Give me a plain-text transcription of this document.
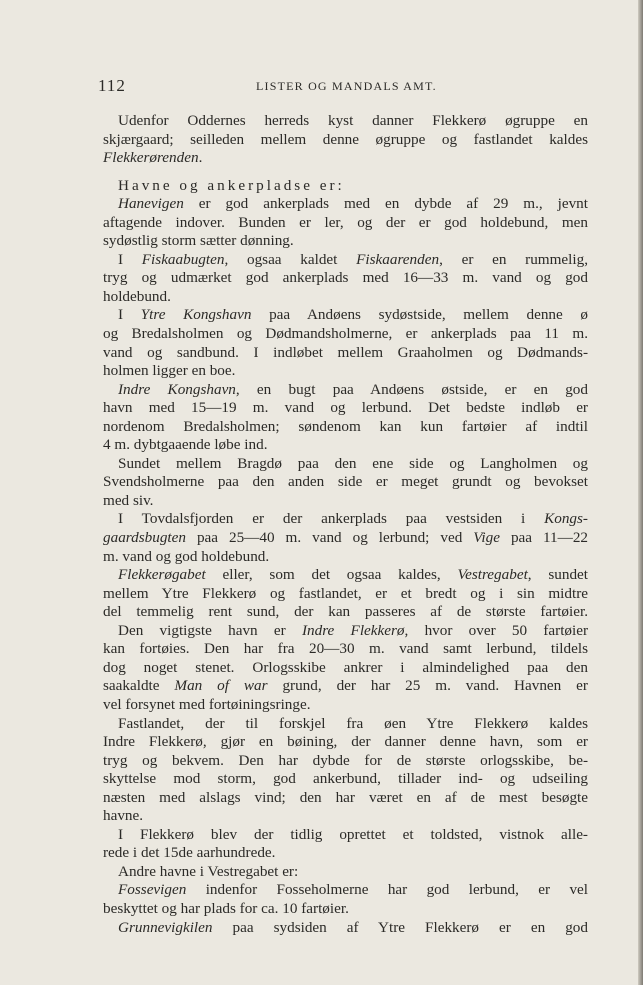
112	LISTER OG MANDALS AMT.
Udenfor Oddernes herreds kyst danner Flekkerø øgruppe en
skjærgaard; seilleden mellem denne øgruppe og fastlandet kaldes
Flekkerørenden.
Havne og ankerpladse er:
Hanevigen er god ankerplads med en dybde af 29 m., jevnt
aftagende indover. Bunden er ler, og der er god holdebund, men
sydøstlig storm sætter dønning.
I Fiskaabugten, ogsaa kaldet Fiskaarenden, er en rummelig,
tryg og udmærket god ankerplads med 16—33 m. vand og god
holdebund.
I Ytre Kongshavn paa Andøens sydøstside, mellem denne ø
og Bredalsholmen og Dødmandsholmerne, er ankerplads paa 11 m.
vand og sandbund. I indløbet mellem Graaholmen og Dødmands-
holmen ligger en boe.
Indre Kongshavn, en bugt paa Andøens østside, er en god
havn med 15—19 m. vand og lerbund. Det bedste indløb er
nordenom Bredalsholmen; søndenom kan kun fartøier af indtil
4 m. dybtgaaende løbe ind.
Sundet mellem Bragdø paa den ene side og Langholmen og
Svendsholmerne paa den anden side er meget grundt og bevokset
med siv.
I Tovdalsfjorden er der ankerplads paa vestsiden i Kongs-
gaardsbugten paa 25—40 m. vand og lerbund; ved Vige paa 11—22
m. vand og god holdebund.
Flekkerøgabet eller, som det ogsaa kaldes, Vestregabet, sundet
mellem Ytre Flekkerø og fastlandet, er et bredt og i sin midtre
del temmelig rent sund, der kan passeres af de største fartøier.
Den vigtigste havn er Indre Flekkerø, hvor over 50 fartøier
kan fortøies. Den har fra 20—30 m. vand samt lerbund, tildels
dog noget stenet. Orlogsskibe ankrer i almindelighed paa den
saakaldte Man of war grund, der har 25 m. vand. Havnen er
vel forsynet med fortøiningsringe.
Fastlandet, der til forskjel fra øen Ytre Flekkerø kaldes
Indre Flekkerø, gjør en bøining, der danner denne havn, som er
tryg og bekvem. Den har dybde for de største orlogsskibe, be-
skyttelse mod storm, god ankerbund, tillader ind- og udseiling
næsten med alslags vind; den har været en af de mest besøgte
havne.
I Flekkerø blev der tidlig oprettet et toldsted, vistnok alle-
rede i det 15de aarhundrede.
Andre havne i Vestregabet er:
Fossevigen indenfor Fosseholmerne har god lerbund, er vel
beskyttet og har plads for ca. 10 fartøier.
Grunnevigkilen paa sydsiden af Ytre Flekkerø er en god
